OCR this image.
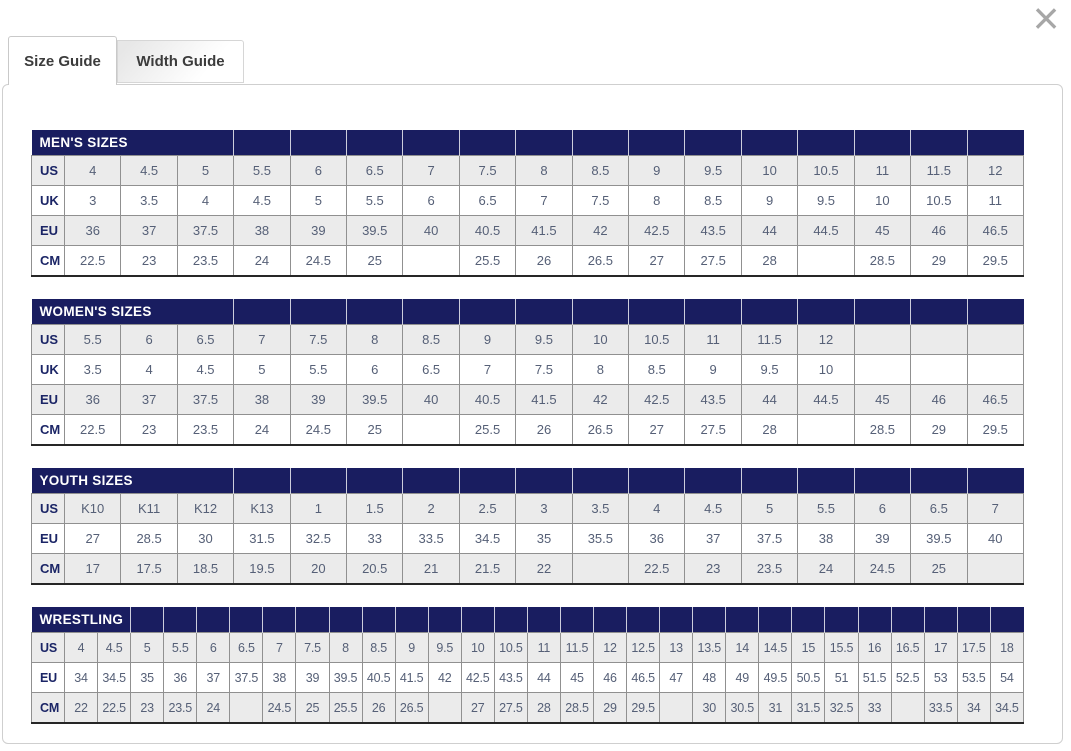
×
Size Guide	Width Guide
MEN'S SIZES																	
US	4	4.5	5	5.5	6	6.5	7	7.5	8	8.5	9	9.5	10	10.5	11	11.5	12
UK	3	3.5	4	4.5	5	5.5	6	6.5	7	7.5	8	8.5	9	9.5	10	10.5	11
EU	36	37	37.5	38	39	39.5	40	40.5	41.5	42	42.5	43.5	44	44.5	45	46	46.5
CM	22.5	23	23.5	24	24.5	25		25.5	26	26.5	27	27.5	28		28.5	29	29.5
WOMEN'S SIZES																	
US	5.5	6	6.5	7	7.5	8	8.5	9	9.5	10	10.5	11	11.5	12			
UK	3.5	4	4.5	5	5.5	6	6.5	7	7.5	8	8.5	9	9.5	10			
EU	36	37	37.5	38	39	39.5	40	40.5	41.5	42	42.5	43.5	44	44.5	45	46	46.5
CM	22.5	23	23.5	24	24.5	25		25.5	26	26.5	27	27.5	28		28.5	29	29.5
YOUTH SIZES																	
US	K10	K11	K12	K13	1	1.5	2	2.5	3	3.5	4	4.5	5	5.5	6	6.5	7
EU	27	28.5	30	31.5	32.5	33	33.5	34.5	35	35.5	36	37	37.5	38	39	39.5	40
CM	17	17.5	18.5	19.5	20	20.5	21	21.5	22		22.5	23	23.5	24	24.5	25	
WRESTLING																													
US	4	4.5	5	5.5	6	6.5	7	7.5	8	8.5	9	9.5	10	10.5	11	11.5	12	12.5	13	13.5	14	14.5	15	15.5	16	16.5	17	17.5	18
EU	34	34.5	35	36	37	37.5	38	39	39.5	40.5	41.5	42	42.5	43.5	44	45	46	46.5	47	48	49	49.5	50.5	51	51.5	52.5	53	53.5	54
CM	22	22.5	23	23.5	24		24.5	25	25.5	26	26.5		27	27.5	28	28.5	29	29.5		30	30.5	31	31.5	32.5	33		33.5	34	34.5
